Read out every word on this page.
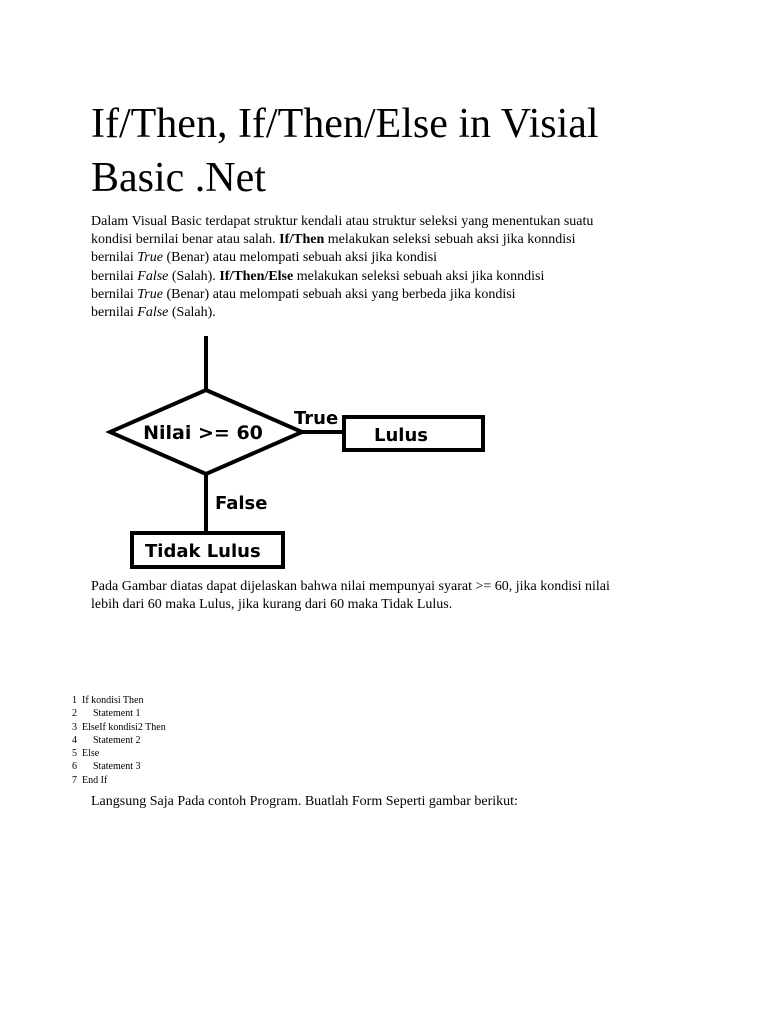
If/Then, If/Then/Else in Visial Basic .Net

Dalam Visual Basic terdapat struktur kendali atau struktur seleksi yang menentukan suatu
kondisi bernilai benar atau salah. If/Then melakukan seleksi sebuah aksi jika konndisi
bernilai True (Benar) atau melompati sebuah aksi jika kondisi
bernilai False (Salah). If/Then/Else melakukan seleksi sebuah aksi jika konndisi
bernilai True (Benar) atau melompati sebuah aksi yang berbeda jika kondisi
bernilai False (Salah).

Nilai >= 60
True
Lulus
False
Tidak Lulus

Pada Gambar diatas dapat dijelaskan bahwa nilai mempunyai syarat >= 60, jika kondisi nilai
lebih dari 60 maka Lulus, jika kurang dari 60 maka Tidak Lulus.

1 If kondisi Then
2 Statement 1
3 ElseIf kondisi2 Then
4 Statement 2
5 Else
6 Statement 3
7 End If

Langsung Saja Pada contoh Program. Buatlah Form Seperti gambar berikut:
